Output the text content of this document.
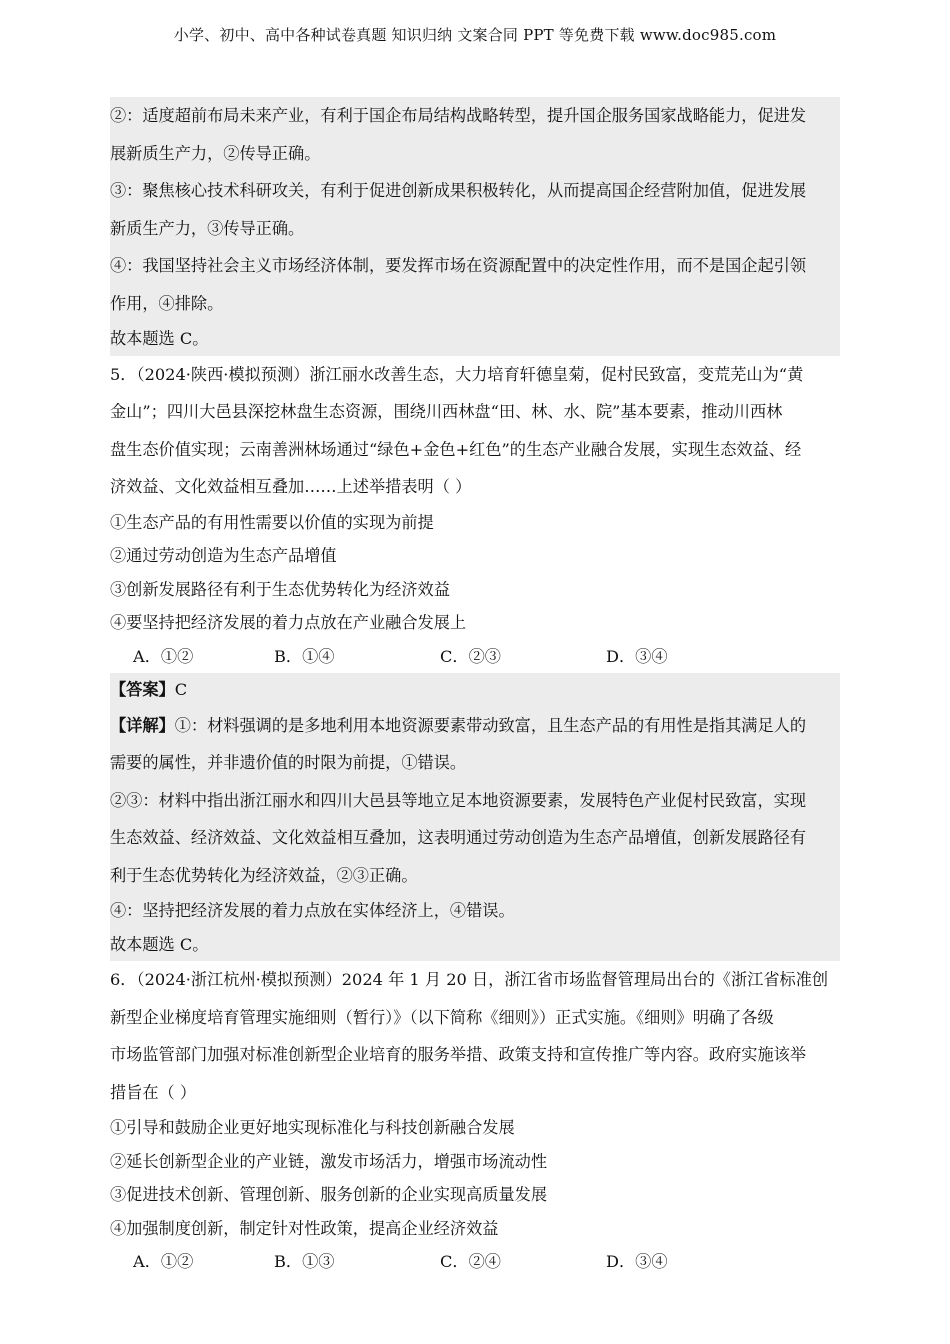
小学、初中、高中各种试卷真题 知识归纳 文案合同 PPT 等免费下载 www.doc985.com
②：适度超前布局未来产业，有利于国企布局结构战略转型，提升国企服务国家战略能力，促进发
展新质生产力，②传导正确。
③：聚焦核心技术科研攻关，有利于促进创新成果积极转化，从而提高国企经营附加值，促进发展
新质生产力，③传导正确。
④：我国坚持社会主义市场经济体制，要发挥市场在资源配置中的决定性作用，而不是国企起引领
作用，④排除。
故本题选 C。
5．（2024·陕西·模拟预测）浙江丽水改善生态，大力培育轩德皇菊，促村民致富，变荒芜山为“黄
金山”；四川大邑县深挖林盘生态资源，围绕川西林盘“田、林、水、院”基本要素，推动川西林
盘生态价值实现；云南善洲林场通过“绿色+金色+红色”的生态产业融合发展，实现生态效益、经
济效益、文化效益相互叠加……上述举措表明（ ）
①生态产品的有用性需要以价值的实现为前提
②通过劳动创造为生态产品增值
③创新发展路径有利于生态优势转化为经济效益
④要坚持把经济发展的着力点放在产业融合发展上
A．①②	B．①④	C．②③	D．③④
【答案】C
【详解】①：材料强调的是多地利用本地资源要素带动致富，且生态产品的有用性是指其满足人的
需要的属性，并非遗价值的时限为前提，①错误。
②③：材料中指出浙江丽水和四川大邑县等地立足本地资源要素，发展特色产业促村民致富，实现
生态效益、经济效益、文化效益相互叠加，这表明通过劳动创造为生态产品增值，创新发展路径有
利于生态优势转化为经济效益，②③正确。
④：坚持把经济发展的着力点放在实体经济上，④错误。
故本题选 C。
6．（2024·浙江杭州·模拟预测）2024 年 1 月 20 日，浙江省市场监督管理局出台的《浙江省标准创
新型企业梯度培育管理实施细则（暂行）》（以下简称《细则》）正式实施。《细则》明确了各级
市场监管部门加强对标准创新型企业培育的服务举措、政策支持和宣传推广等内容。政府实施该举
措旨在（ ）
①引导和鼓励企业更好地实现标准化与科技创新融合发展
②延长创新型企业的产业链，激发市场活力，增强市场流动性
③促进技术创新、管理创新、服务创新的企业实现高质量发展
④加强制度创新，制定针对性政策，提高企业经济效益
A．①②	B．①③	C．②④	D．③④
